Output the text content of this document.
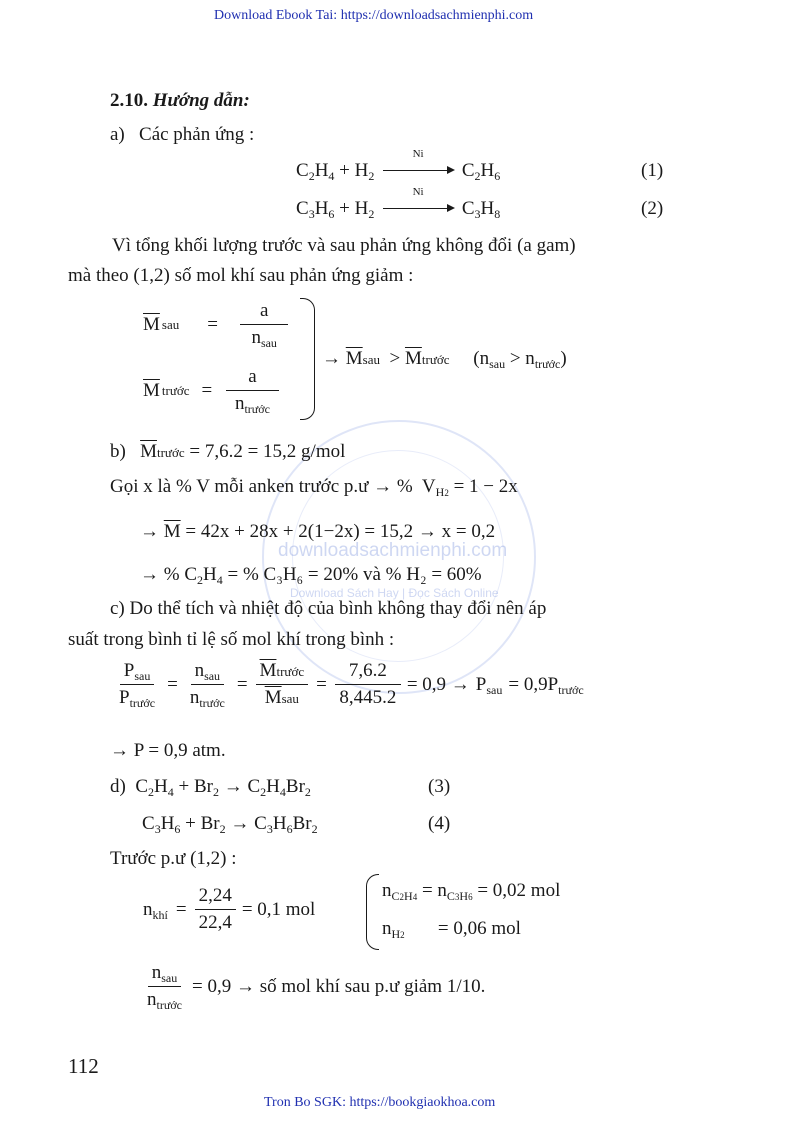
downloadsachmienphi.com
Download Sách Hay | Đọc Sách Online
Download Ebook Tai: https://downloadsachmienphi.com
Tron Bo SGK: https://bookgiaokhoa.com
2.10. Hướng dẫn:
a) Các phản ứng :
$C_2H_4 + H_2$
Ni
$C_2H_6$	(1)
$C_3H_6 + H_2$
Ni
$C_3H_8$	(2)
Vì tổng khối lượng trước và sau phản ứng không đổi (a gam)
mà theo (1,2) số mol khí sau phản ứng giảm :
$\overline{M}$ sau = $\frac{a}{n_{sau}}$
$\overline{M}$ trước = $\frac{a}{n_{trước}}$
→ $\overline{M}sau$  > $\overline{M}trước$ $(n_{sau} > n_{trước})$
b) $\overline{M}trước = 7,6.2 = 15,2$ g/mol
Gọi x là % V mỗi anken trước p.ư → %  $V_{H2} = 1 - 2x$
→ $\overline{M} = 42x + 28x + 2(1-2x) = 15,2 \to x = 0,2$
→ % $C_2H_4$ = % C₃H₆ = 20% và % H₂ = 60%
c) Do thể tích và nhiệt độ của bình không thay đổi nên áp
suất trong bình tỉ lệ số mol khí trong bình :
$\frac{P_{sau}}{P_{trước}} = \frac{n_{sau}}{n_{trước}} = \frac{\overline{M}trước}{\overline{M}sau} = \frac{7,6.2}{8,445.2} = 0,9 \to P_{sau} = 0,9$ $P_{trước}$
→ P = 0,9 atm.
d)  $C_2H_4 + Br_2 \to C_2H_4Br_2$	(3)
$C_3H_6 + Br_2 \to C_3H_6Br_2$	(4)
Trước p.ư (1,2) :
$n_{khí} = \frac{2,24}{22,4} = 0,1$ mol
$n_{C2H4} = n_{C3H6} = 0,02$ mol
$n_{H2} = 0,06$ mol
$\frac{n_{sau}}{n_{trước}} = 0,9$ → số mol khí sau p.ư giảm 1/10.
112
